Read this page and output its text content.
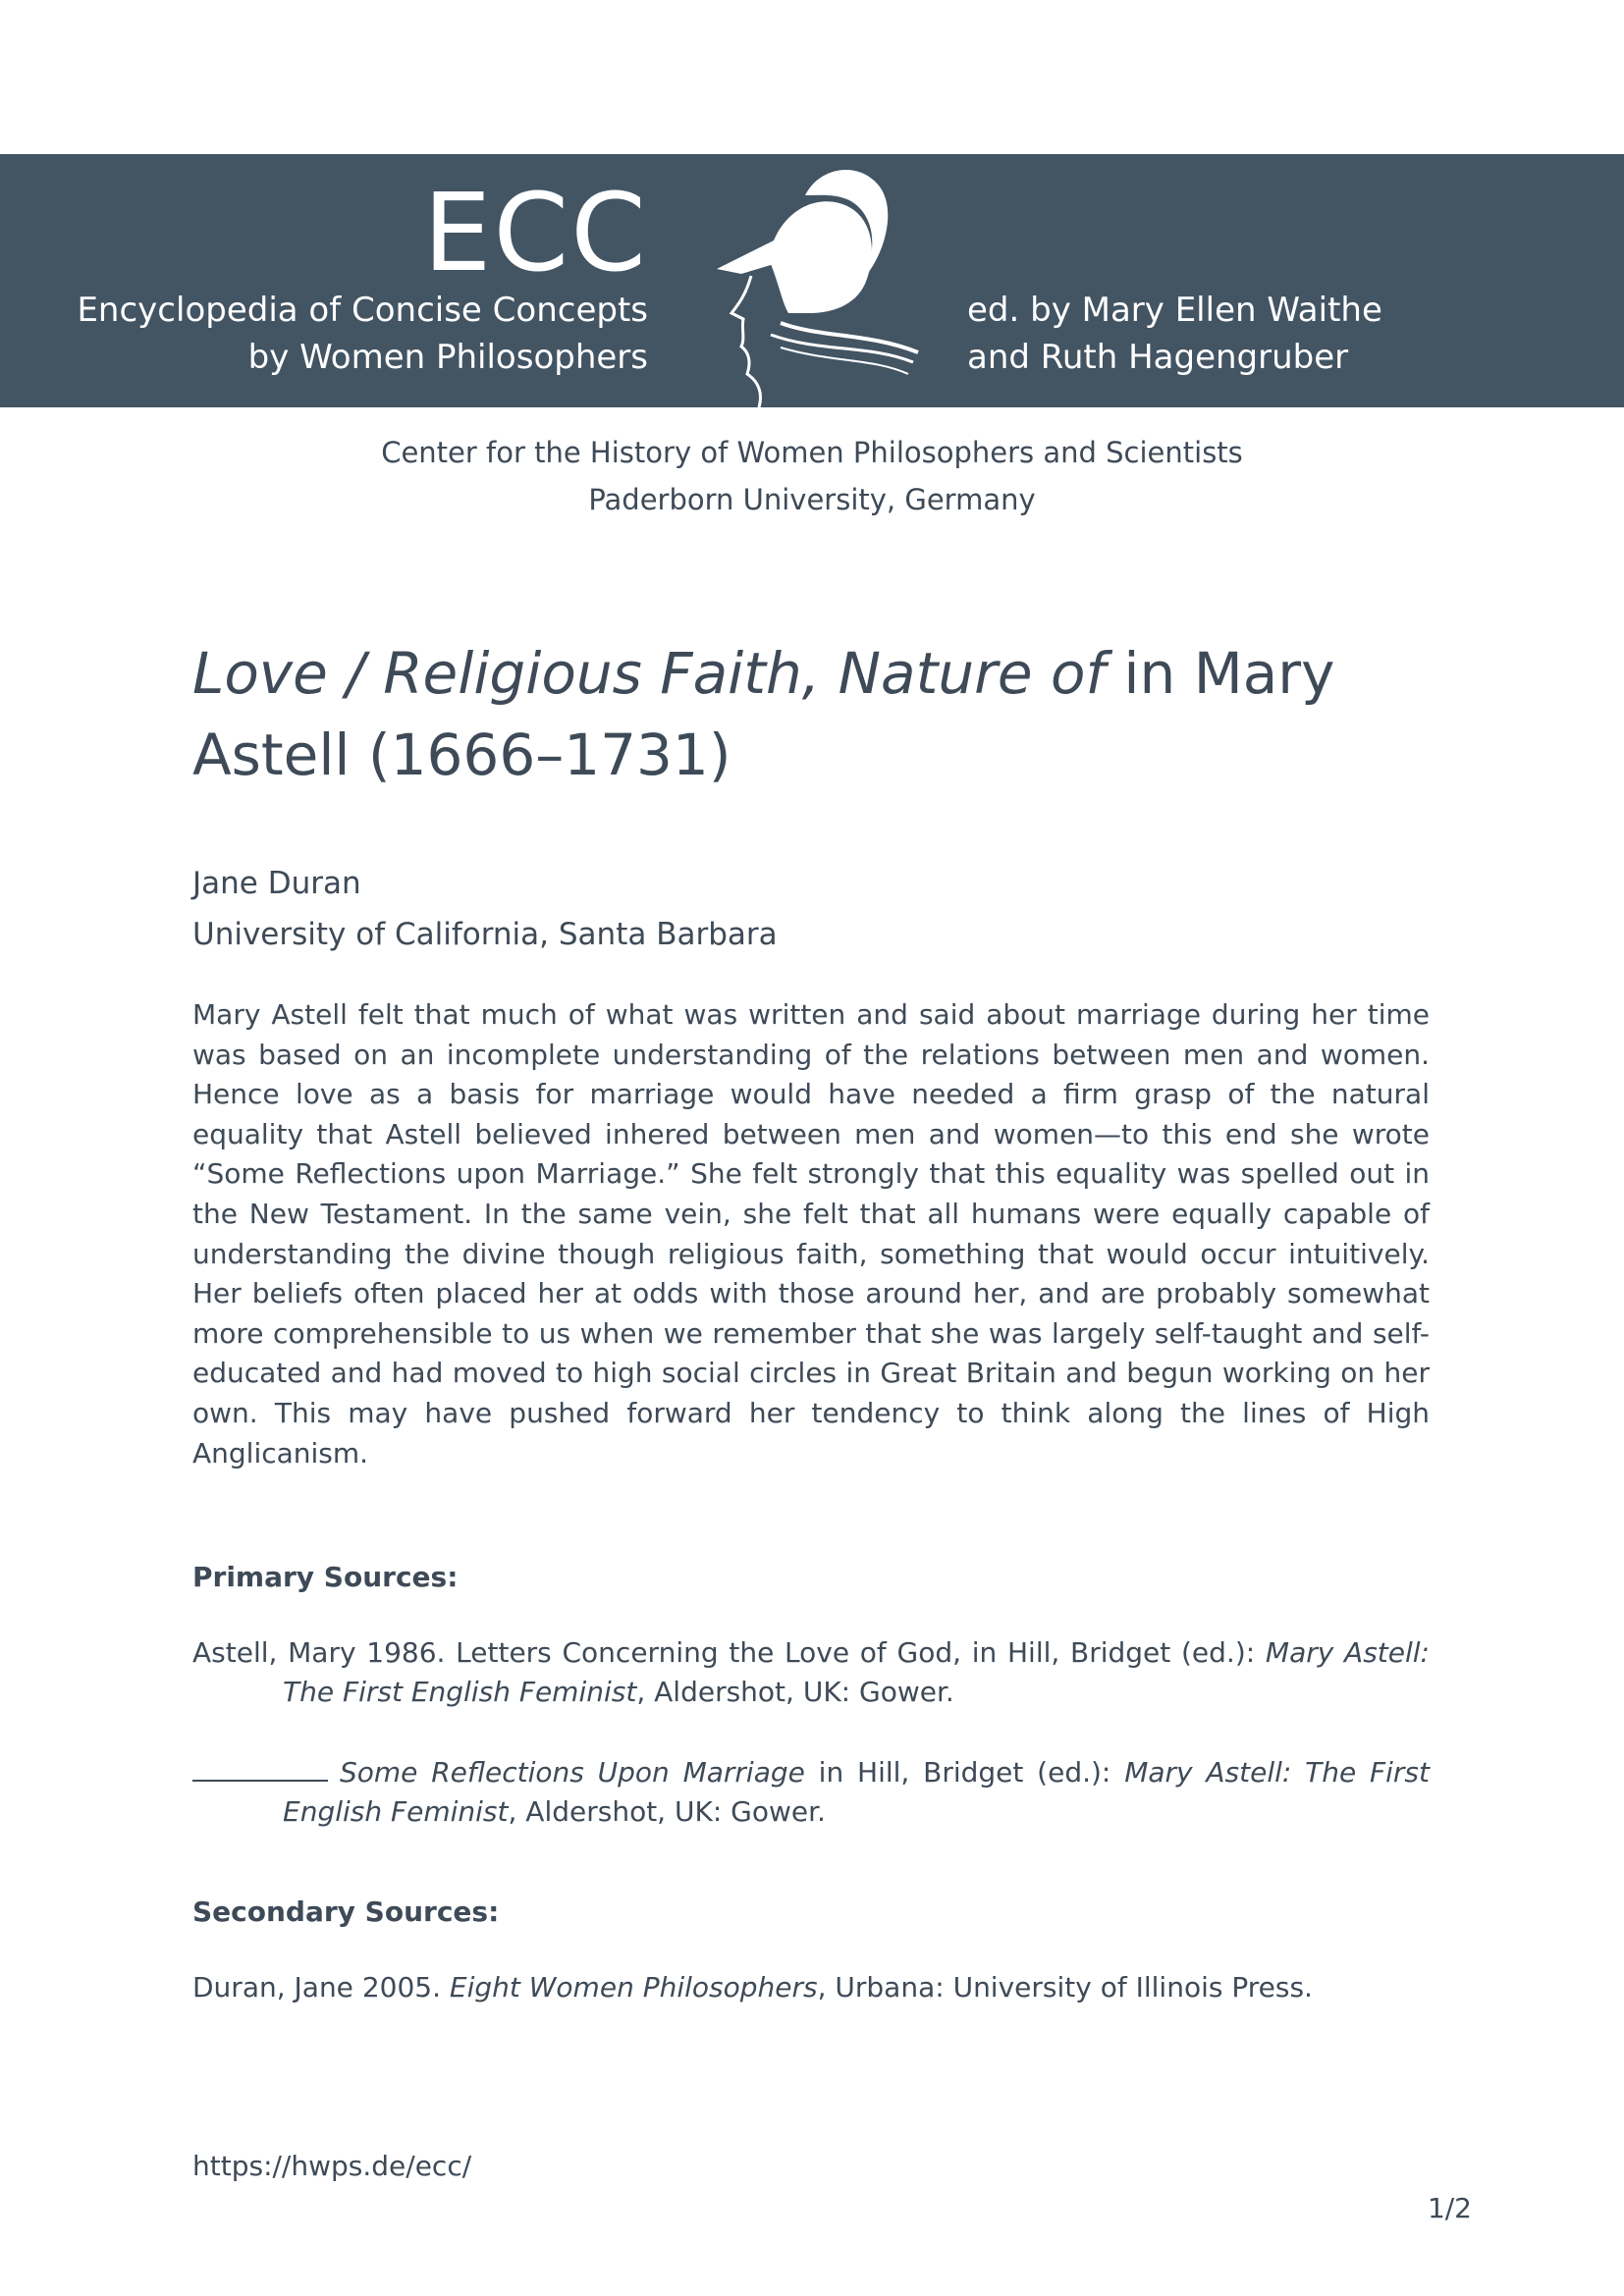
ECC
Encyclopedia of Concise Concepts
by Women Philosophers
ed. by Mary Ellen Waithe
and Ruth Hagengruber
Center for the History of Women Philosophers and Scientists
Paderborn University, Germany
Love / Religious Faith, Nature of in Mary Astell (1666–1731)
Jane Duran
University of California, Santa Barbara

Mary Astell felt that much of what was written and said about marriage during her time was based on an incomplete understanding of the relations between men and women. Hence love as a basis for marriage would have needed a firm grasp of the natural equality that Astell believed inhered between men and women—to this end she wrote “Some Reflections upon Marriage.” She felt strongly that this equality was spelled out in the New Testament. In the same vein, she felt that all humans were equally capable of understanding the divine though religious faith, something that would occur intuitively. Her beliefs often placed her at odds with those around her, and are probably somewhat more comprehensible to us when we remember that she was largely self-taught and self-educated and had moved to high social circles in Great Britain and begun working on her own. This may have pushed forward her tendency to think along the lines of High Anglicanism.

Primary Sources:

Astell, Mary 1986. Letters Concerning the Love of God, in Hill, Bridget (ed.): Mary Astell: The First English Feminist, Aldershot, UK: Gower.

Some Reflections Upon Marriage in Hill, Bridget (ed.): Mary Astell: The First English Feminist, Aldershot, UK: Gower.

Secondary Sources:

Duran, Jane 2005. Eight Women Philosophers, Urbana: University of Illinois Press.

https://hwps.de/ecc/
1/2
